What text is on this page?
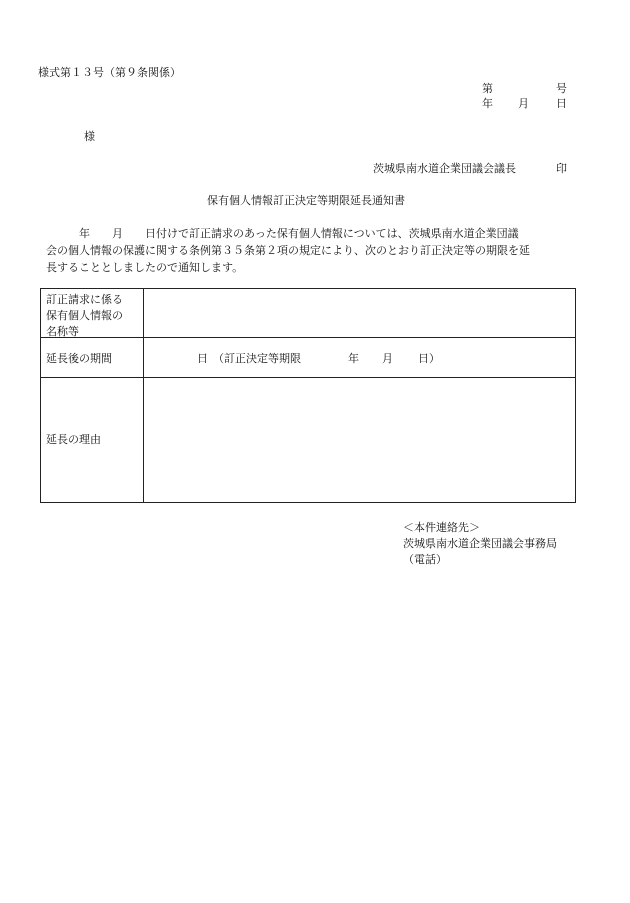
様式第１３号（第９条関係）
第	号
年 月 日
様
茨城県南水道企業団議会議長	印
保有個人情報訂正決定等期限延長通知書
　　　年　　月　　日付けで訂正請求のあった保有個人情報については、茨城県南水道企業団議
会の個人情報の保護に関する条例第３５条第２項の規定により、次のとおり訂正決定等の期限を延
長することとしましたので通知します。
訂正請求に係る
保有個人情報の
名称等
延長後の期間	日 （訂正決定等期限	年 月 日 ）
延長の理由
＜本件連絡先＞
茨城県南水道企業団議会事務局
（電話）
